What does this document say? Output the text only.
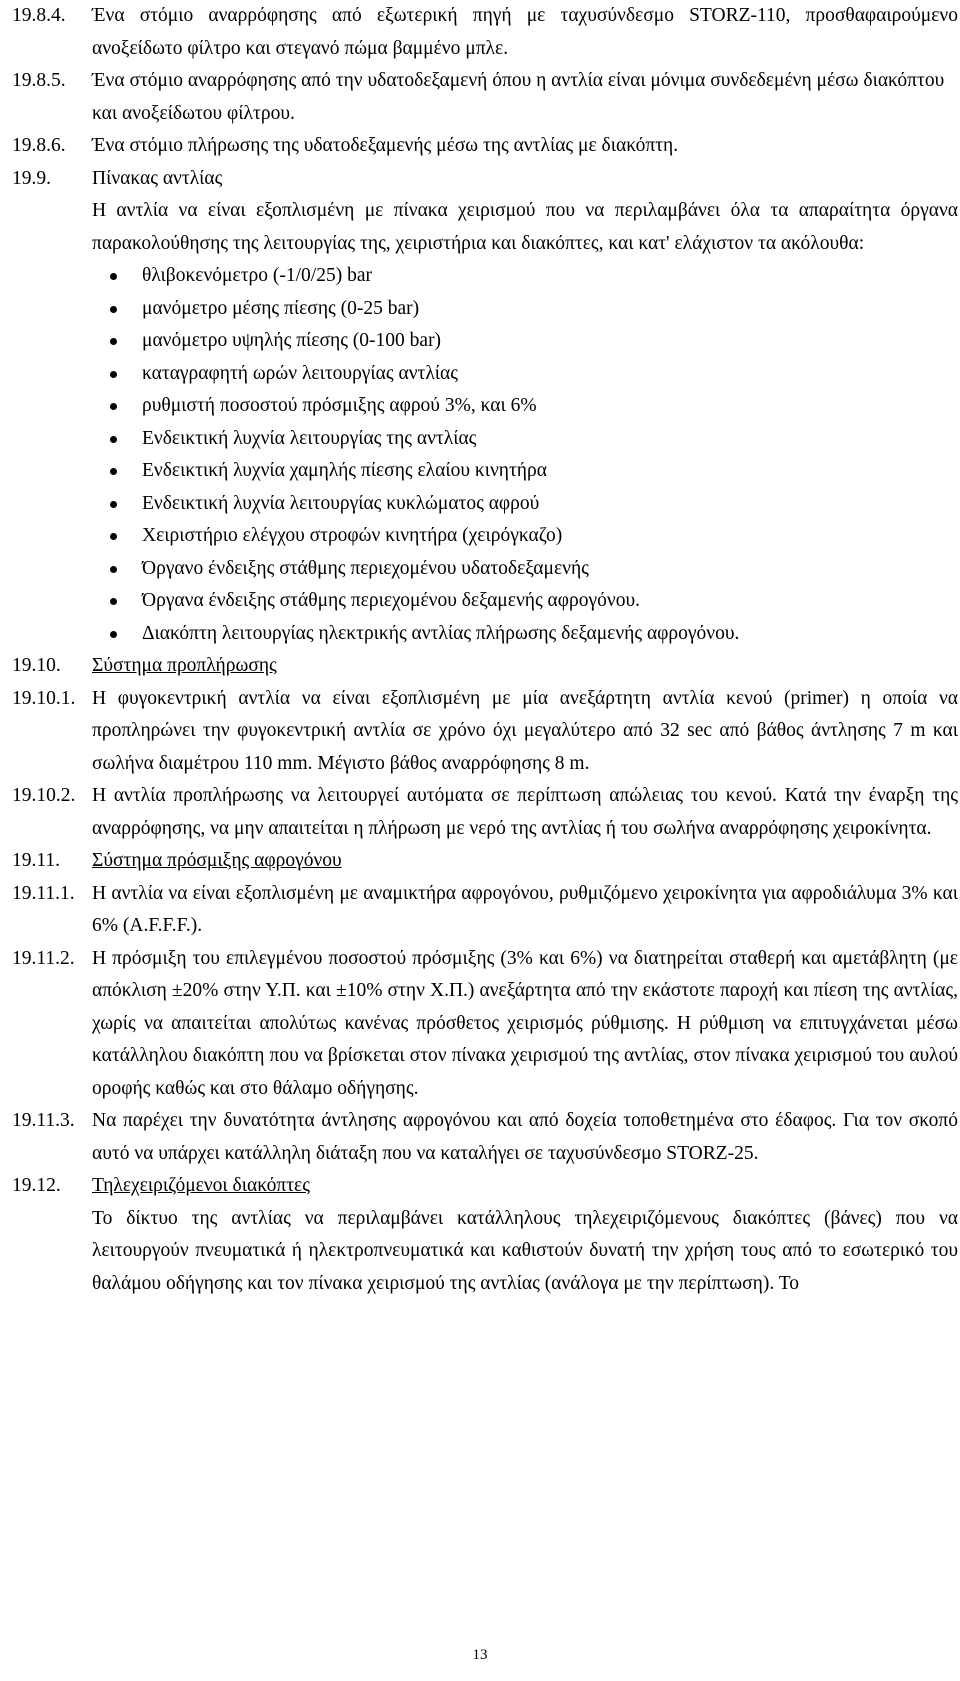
19.8.4. Ένα στόμιο αναρρόφησης από εξωτερική πηγή με ταχυσύνδεσμο STORZ-110, προσθαφαιρούμενο ανοξείδωτο φίλτρο και στεγανό πώμα βαμμένο μπλε.

19.8.5. Ένα στόμιο αναρρόφησης από την υδατοδεξαμενή όπου η αντλία είναι μόνιμα συνδεδεμένη μέσω διακόπτου και ανοξείδωτου φίλτρου.

19.8.6. Ένα στόμιο πλήρωσης της υδατοδεξαμενής μέσω της αντλίας με διακόπτη.

19.9. Πίνακας αντλίας

Η αντλία να είναι εξοπλισμένη με πίνακα χειρισμού που να περιλαμβάνει όλα τα απαραίτητα όργανα παρακολούθησης της λειτουργίας της, χειριστήρια και διακόπτες, και κατ' ελάχιστον τα ακόλουθα:

θλιβοκενόμετρο (-1/0/25) bar
μανόμετρο μέσης πίεσης (0-25 bar)
μανόμετρο υψηλής πίεσης (0-100 bar)
καταγραφητή ωρών λειτουργίας αντλίας
ρυθμιστή ποσοστού πρόσμιξης αφρού 3%, και 6%
Ενδεικτική λυχνία λειτουργίας της αντλίας
Ενδεικτική λυχνία χαμηλής πίεσης ελαίου κινητήρα
Ενδεικτική λυχνία λειτουργίας κυκλώματος αφρού
Χειριστήριο ελέγχου στροφών κινητήρα (χειρόγκαζο)
Όργανο ένδειξης στάθμης περιεχομένου υδατοδεξαμενής
Όργανα ένδειξης στάθμης περιεχομένου δεξαμενής αφρογόνου.
Διακόπτη λειτουργίας ηλεκτρικής αντλίας πλήρωσης δεξαμενής αφρογόνου.
19.10. Σύστημα προπλήρωσης

19.10.1. Η φυγοκεντρική αντλία να είναι εξοπλισμένη με μία ανεξάρτητη αντλία κενού (primer) η οποία να προπληρώνει την φυγοκεντρική αντλία σε χρόνο όχι μεγαλύτερο από 32 sec από βάθος άντλησης 7 m και σωλήνα διαμέτρου 110 mm. Μέγιστο βάθος αναρρόφησης 8 m.

19.10.2. Η αντλία προπλήρωσης να λειτουργεί αυτόματα σε περίπτωση απώλειας του κενού. Κατά την έναρξη της αναρρόφησης, να μην απαιτείται η πλήρωση με νερό της αντλίας ή του σωλήνα αναρρόφησης χειροκίνητα.

19.11. Σύστημα πρόσμιξης αφρογόνου

19.11.1. Η αντλία να είναι εξοπλισμένη με αναμικτήρα αφρογόνου, ρυθμιζόμενο χειροκίνητα για αφροδιάλυμα 3% και 6% (A.F.F.F.).

19.11.2. Η πρόσμιξη του επιλεγμένου ποσοστού πρόσμιξης (3% και 6%) να διατηρείται σταθερή και αμετάβλητη (με απόκλιση ±20% στην Υ.Π. και ±10% στην Χ.Π.) ανεξάρτητα από την εκάστοτε παροχή και πίεση της αντλίας, χωρίς να απαιτείται απολύτως κανένας πρόσθετος χειρισμός ρύθμισης. Η ρύθμιση να επιτυγχάνεται μέσω κατάλληλου διακόπτη που να βρίσκεται στον πίνακα χειρισμού της αντλίας, στον πίνακα χειρισμού του αυλού οροφής καθώς και στο θάλαμο οδήγησης.

19.11.3. Να παρέχει την δυνατότητα άντλησης αφρογόνου και από δοχεία τοποθετημένα στο έδαφος. Για τον σκοπό αυτό να υπάρχει κατάλληλη διάταξη που να καταλήγει σε ταχυσύνδεσμο STORZ-25.

19.12. Τηλεχειριζόμενοι διακόπτες

Το δίκτυο της αντλίας να περιλαμβάνει κατάλληλους τηλεχειριζόμενους διακόπτες (βάνες) που να λειτουργούν πνευματικά ή ηλεκτροπνευματικά και καθιστούν δυνατή την χρήση τους από το εσωτερικό του θαλάμου οδήγησης και τον πίνακα χειρισμού της αντλίας (ανάλογα με την περίπτωση). Το

13
